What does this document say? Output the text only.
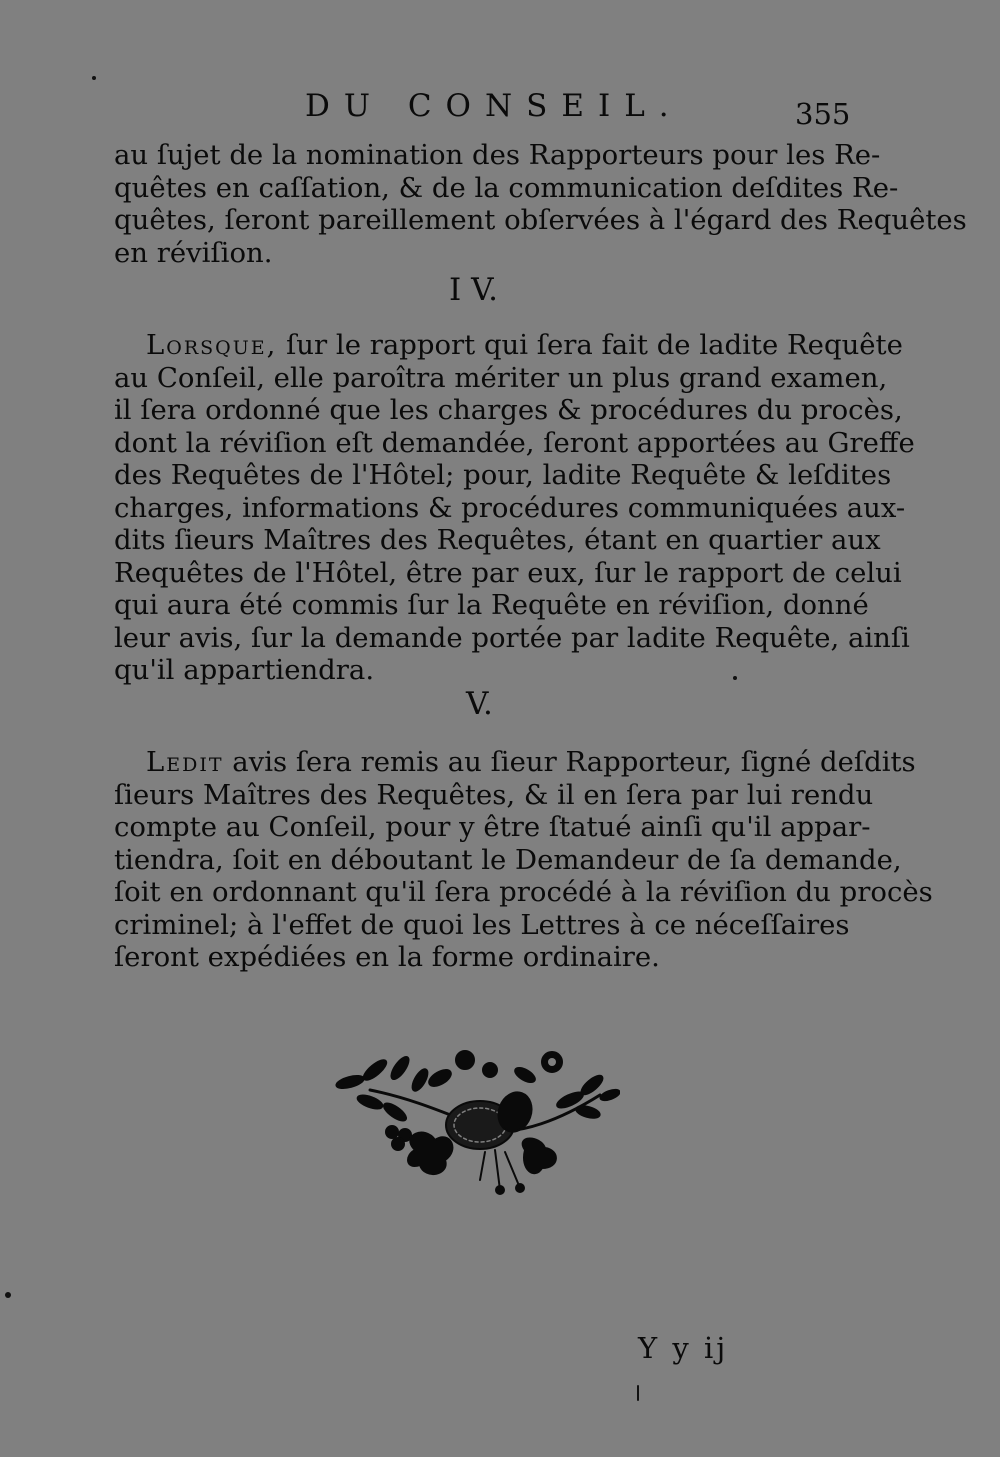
DU CONSEIL.	355
au ſujet de la nomination des Rapporteurs pour les Re-
quêtes en caſſation, & de la communication deſdites Re-
quêtes, ſeront pareillement obſervées à l'égard des Requêtes
en réviſion.
I V.
Lorsque, ſur le rapport qui ſera fait de ladite Requête
au Conſeil, elle paroîtra mériter un plus grand examen,
il ſera ordonné que les charges & procédures du procès,
dont la réviſion eſt demandée, ſeront apportées au Greffe
des Requêtes de l'Hôtel; pour, ladite Requête & leſdites
charges, informations & procédures communiquées aux-
dits ſieurs Maîtres des Requêtes, étant en quartier aux
Requêtes de l'Hôtel, être par eux, ſur le rapport de celui
qui aura été commis ſur la Requête en réviſion, donné
leur avis, ſur la demande portée par ladite Requête, ainſi
qu'il appartiendra.
V.
Ledit avis ſera remis au ſieur Rapporteur, ſigné deſdits
ſieurs Maîtres des Requêtes, & il en ſera par lui rendu
compte au Conſeil, pour y être ſtatué ainſi qu'il appar-
tiendra, ſoit en déboutant le Demandeur de ſa demande,
ſoit en ordonnant qu'il ſera procédé à la réviſion du procès
criminel; à l'effet de quoi les Lettres à ce néceſſaires
ſeront expédiées en la forme ordinaire.
Y y ij
